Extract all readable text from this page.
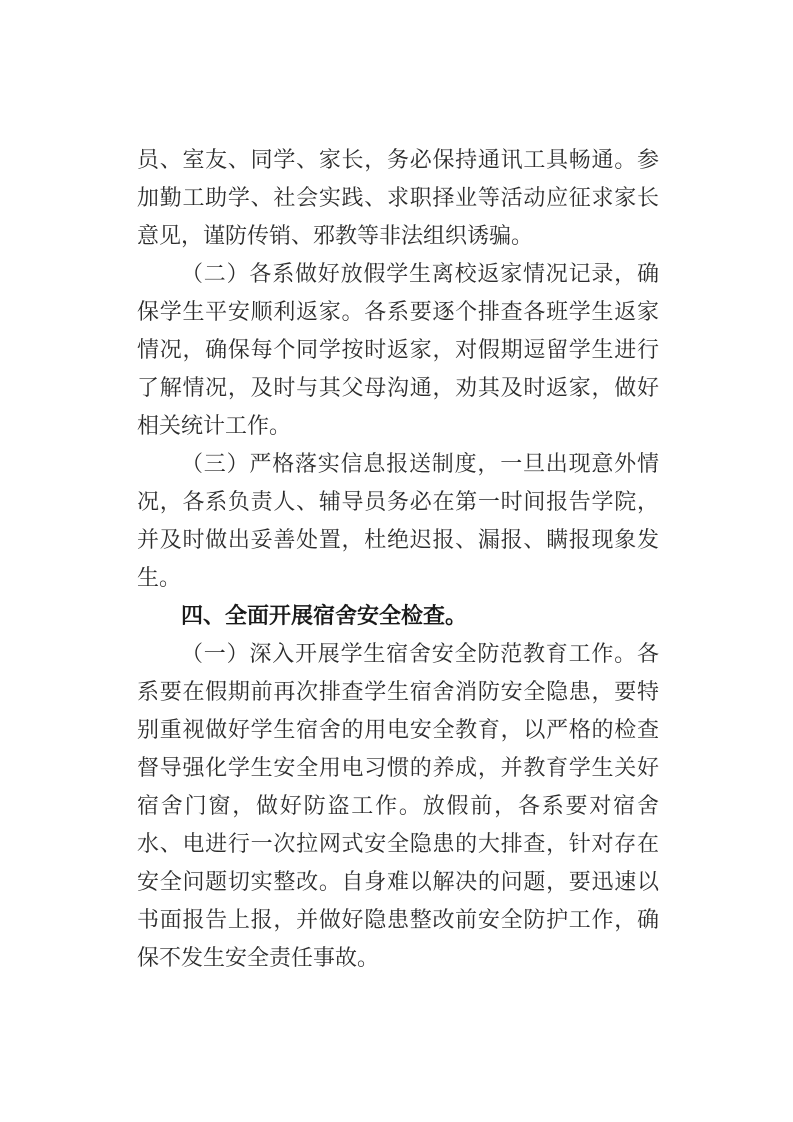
员、室友、同学、家长，务必保持通讯工具畅通。参加勤工助学、社会实践、求职择业等活动应征求家长意见，谨防传销、邪教等非法组织诱骗。

（二）各系做好放假学生离校返家情况记录，确保学生平安顺利返家。各系要逐个排查各班学生返家情况，确保每个同学按时返家，对假期逗留学生进行了解情况，及时与其父母沟通，劝其及时返家，做好相关统计工作。

（三）严格落实信息报送制度，一旦出现意外情况，各系负责人、辅导员务必在第一时间报告学院，并及时做出妥善处置，杜绝迟报、漏报、瞒报现象发生。

四、全面开展宿舍安全检查。

（一）深入开展学生宿舍安全防范教育工作。各系要在假期前再次排查学生宿舍消防安全隐患，要特别重视做好学生宿舍的用电安全教育，以严格的检查督导强化学生安全用电习惯的养成，并教育学生关好宿舍门窗，做好防盗工作。放假前，各系要对宿舍水、电进行一次拉网式安全隐患的大排查，针对存在安全问题切实整改。自身难以解决的问题，要迅速以书面报告上报，并做好隐患整改前安全防护工作，确保不发生安全责任事故。
